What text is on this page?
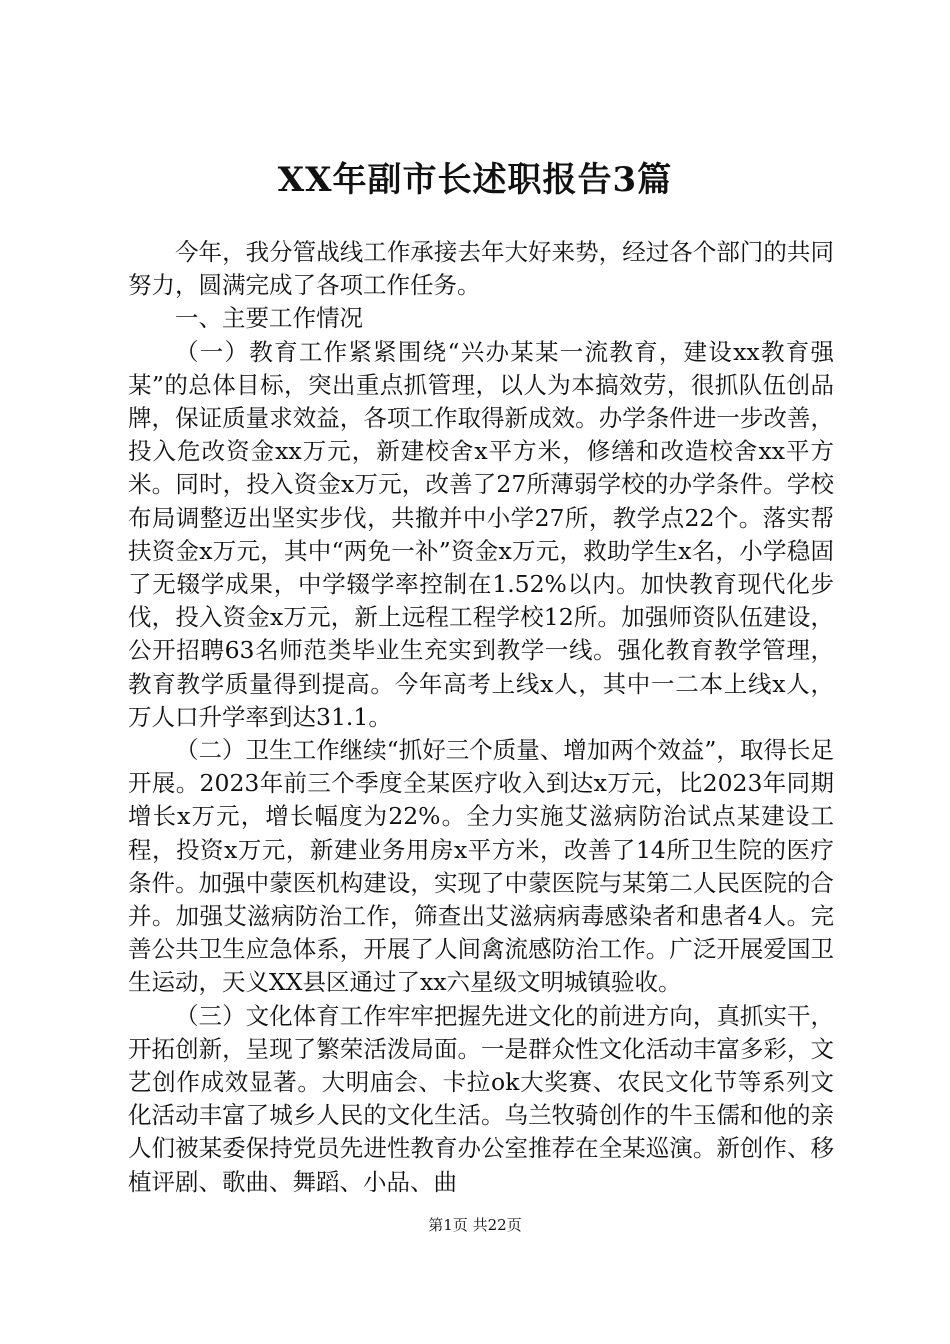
XX年副市长述职报告3篇

今年，我分管战线工作承接去年大好来势，经过各个部门的共同努力，圆满完成了各项工作任务。

一、主要工作情况

（一）教育工作紧紧围绕“兴办某某一流教育，建设xx教育强某”的总体目标，突出重点抓管理，以人为本搞效劳，很抓队伍创品牌，保证质量求效益，各项工作取得新成效。办学条件进一步改善，投入危改资金xx万元，新建校舍x平方米，修缮和改造校舍xx平方米。同时，投入资金x万元，改善了27所薄弱学校的办学条件。学校布局调整迈出坚实步伐，共撤并中小学27所，教学点22个。落实帮扶资金x万元，其中“两免一补”资金x万元，救助学生x名，小学稳固了无辍学成果，中学辍学率控制在1.52%以内。加快教育现代化步伐，投入资金x万元，新上远程工程学校12所。加强师资队伍建设，公开招聘63名师范类毕业生充实到教学一线。强化教育教学管理，教育教学质量得到提高。今年高考上线x人，其中一二本上线x人，万人口升学率到达31.1。

（二）卫生工作继续“抓好三个质量、增加两个效益”，取得长足开展。2023年前三个季度全某医疗收入到达x万元，比2023年同期增长x万元，增长幅度为22%。全力实施艾滋病防治试点某建设工程，投资x万元，新建业务用房x平方米，改善了14所卫生院的医疗条件。加强中蒙医机构建设，实现了中蒙医院与某第二人民医院的合并。加强艾滋病防治工作，筛查出艾滋病病毒感染者和患者4人。完善公共卫生应急体系，开展了人间禽流感防治工作。广泛开展爱国卫生运动，天义XX县区通过了xx六星级文明城镇验收。

（三）文化体育工作牢牢把握先进文化的前进方向，真抓实干，开拓创新，呈现了繁荣活泼局面。一是群众性文化活动丰富多彩，文艺创作成效显著。大明庙会、卡拉ok大奖赛、农民文化节等系列文化活动丰富了城乡人民的文化生活。乌兰牧骑创作的牛玉儒和他的亲人们被某委保持党员先进性教育办公室推荐在全某巡演。新创作、移植评剧、歌曲、舞蹈、小品、曲

第1页 共22页
